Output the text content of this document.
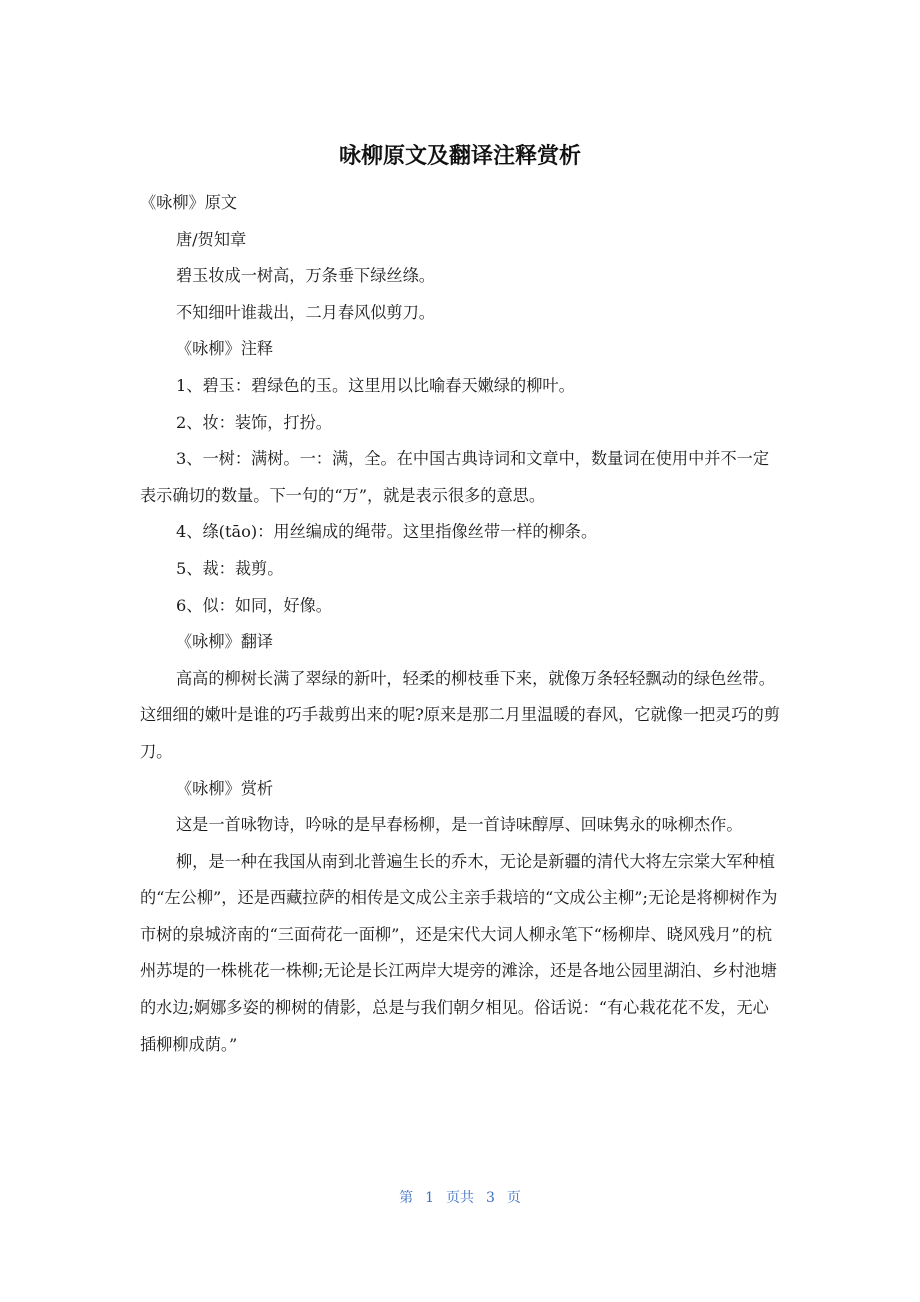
咏柳原文及翻译注释赏析

《咏柳》原文

唐/贺知章

碧玉妆成一树高，万条垂下绿丝绦。

不知细叶谁裁出，二月春风似剪刀。

《咏柳》注释

1、碧玉：碧绿色的玉。这里用以比喻春天嫩绿的柳叶。

2、妆：装饰，打扮。

3、一树：满树。一：满，全。在中国古典诗词和文章中，数量词在使用中并不一定表示确切的数量。下一句的“万”，就是表示很多的意思。

4、绦(tāo)：用丝编成的绳带。这里指像丝带一样的柳条。

5、裁：裁剪。

6、似：如同，好像。

《咏柳》翻译

高高的柳树长满了翠绿的新叶，轻柔的柳枝垂下来，就像万条轻轻飘动的绿色丝带。这细细的嫩叶是谁的巧手裁剪出来的呢?原来是那二月里温暖的春风，它就像一把灵巧的剪刀。

《咏柳》赏析

这是一首咏物诗，吟咏的是早春杨柳，是一首诗味醇厚、回味隽永的咏柳杰作。

柳，是一种在我国从南到北普遍生长的乔木，无论是新疆的清代大将左宗棠大军种植的“左公柳”，还是西藏拉萨的相传是文成公主亲手栽培的“文成公主柳”;无论是将柳树作为市树的泉城济南的“三面荷花一面柳”，还是宋代大词人柳永笔下“杨柳岸、晓风残月”的杭州苏堤的一株桃花一株柳;无论是长江两岸大堤旁的滩涂，还是各地公园里湖泊、乡村池塘的水边;婀娜多姿的柳树的倩影，总是与我们朝夕相见。俗话说：“有心栽花花不发，无心插柳柳成荫。”

第 1 页共 3 页
